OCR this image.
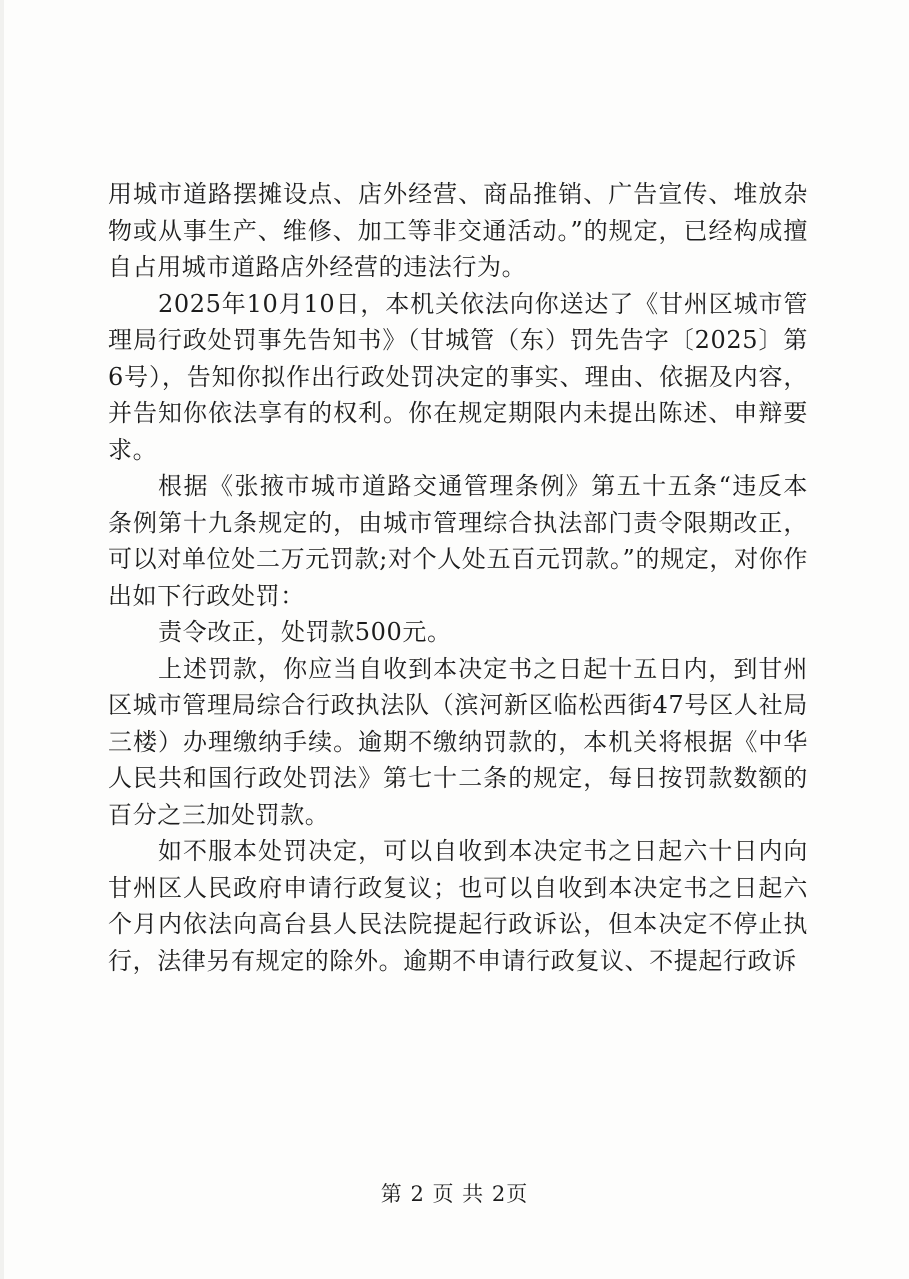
用城市道路摆摊设点、店外经营、商品推销、广告宣传、堆放杂物或从事生产、维修、加工等非交通活动。”的规定，已经构成擅自占用城市道路店外经营的违法行为。

2025年10月10日，本机关依法向你送达了《甘州区城市管理局行政处罚事先告知书》（甘城管（东）罚先告字〔2025〕第6号），告知你拟作出行政处罚决定的事实、理由、依据及内容，并告知你依法享有的权利。你在规定期限内未提出陈述、申辩要求。

根据《张掖市城市道路交通管理条例》第五十五条“违反本条例第十九条规定的，由城市管理综合执法部门责令限期改正，可以对单位处二万元罚款;对个人处五百元罚款。”的规定，对你作出如下行政处罚：

责令改正，处罚款500元。

上述罚款，你应当自收到本决定书之日起十五日内，到甘州区城市管理局综合行政执法队（滨河新区临松西街47号区人社局三楼）办理缴纳手续。逾期不缴纳罚款的，本机关将根据《中华人民共和国行政处罚法》第七十二条的规定，每日按罚款数额的百分之三加处罚款。

如不服本处罚决定，可以自收到本决定书之日起六十日内向甘州区人民政府申请行政复议；也可以自收到本决定书之日起六个月内依法向高台县人民法院提起行政诉讼，但本决定不停止执行，法律另有规定的除外。逾期不申请行政复议、不提起行政诉

第 2 页 共 2页
